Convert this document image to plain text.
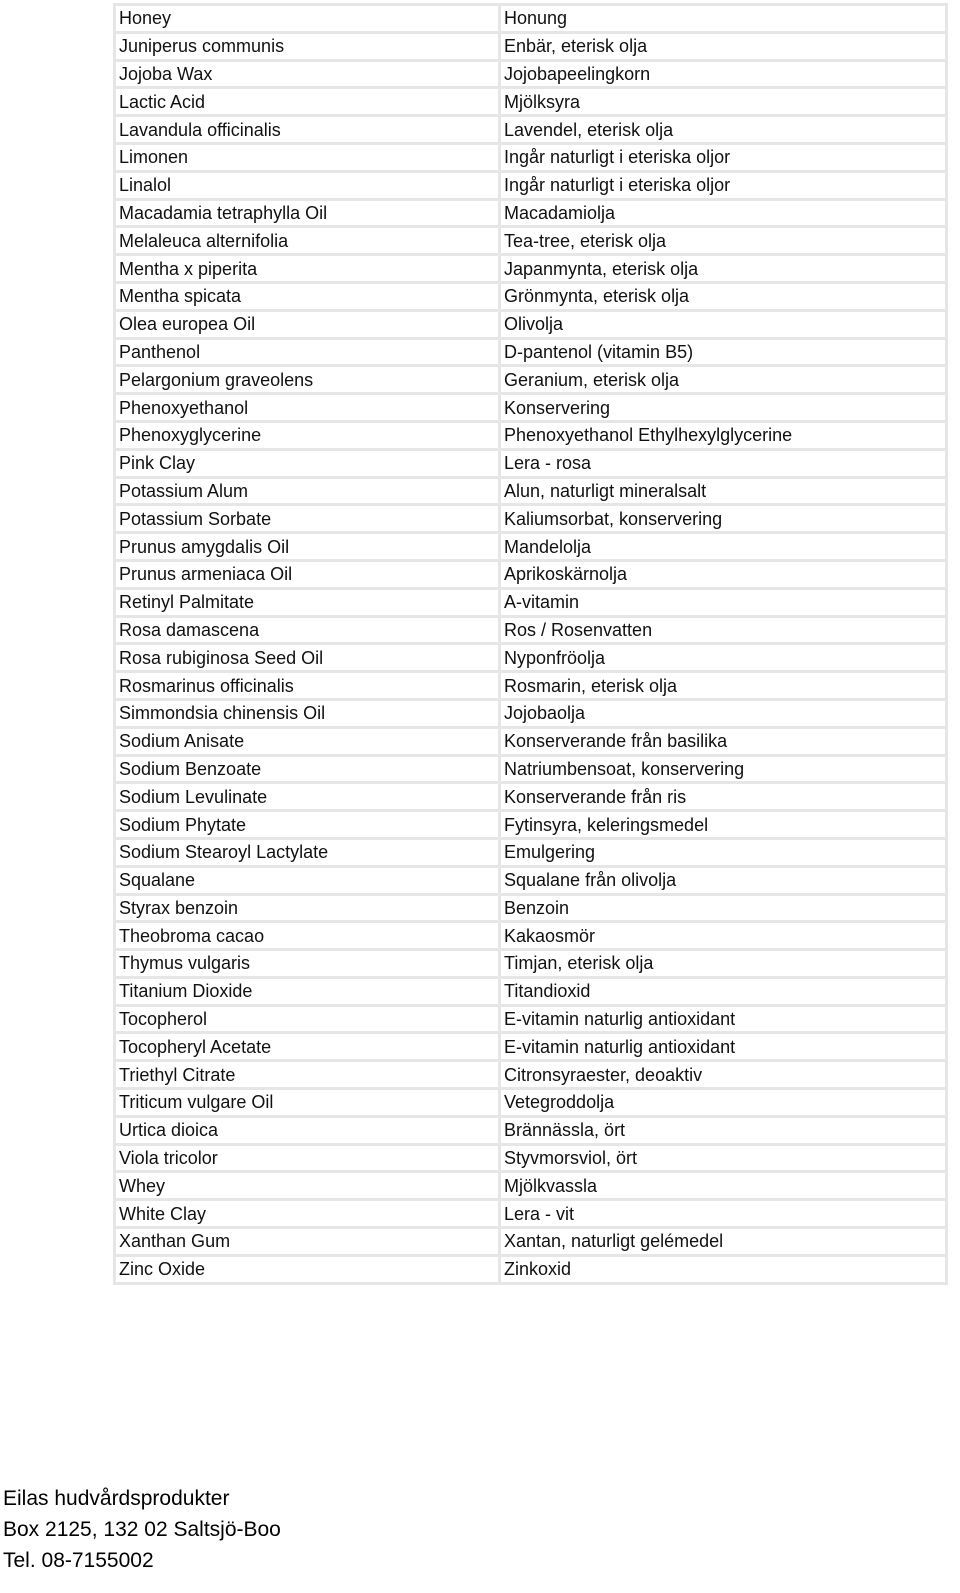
Honey	Honung
Juniperus communis	Enbär, eterisk olja
Jojoba Wax	Jojobapeelingkorn
Lactic Acid	Mjölksyra
Lavandula officinalis	Lavendel, eterisk olja
Limonen	Ingår naturligt i eteriska oljor
Linalol	Ingår naturligt i eteriska oljor
Macadamia tetraphylla Oil	Macadamiolja
Melaleuca alternifolia	Tea-tree, eterisk olja
Mentha x piperita	Japanmynta, eterisk olja
Mentha spicata	Grönmynta, eterisk olja
Olea europea Oil	Olivolja
Panthenol	D-pantenol (vitamin B5)
Pelargonium graveolens	Geranium, eterisk olja
Phenoxyethanol	Konservering
Phenoxyglycerine	Phenoxyethanol Ethylhexylglycerine
Pink Clay	Lera - rosa
Potassium Alum	Alun, naturligt mineralsalt
Potassium Sorbate	Kaliumsorbat, konservering
Prunus amygdalis Oil	Mandelolja
Prunus armeniaca Oil	Aprikoskärnolja
Retinyl Palmitate	A-vitamin
Rosa damascena	Ros / Rosenvatten
Rosa rubiginosa Seed Oil	Nyponfröolja
Rosmarinus officinalis	Rosmarin, eterisk olja
Simmondsia chinensis Oil	Jojobaolja
Sodium Anisate	Konserverande från basilika
Sodium Benzoate	Natriumbensoat, konservering
Sodium Levulinate	Konserverande från ris
Sodium Phytate	Fytinsyra, keleringsmedel
Sodium Stearoyl Lactylate	Emulgering
Squalane	Squalane från olivolja
Styrax benzoin	Benzoin
Theobroma cacao	Kakaosmör
Thymus vulgaris	Timjan, eterisk olja
Titanium Dioxide	Titandioxid
Tocopherol	E-vitamin naturlig antioxidant
Tocopheryl Acetate	E-vitamin naturlig antioxidant
Triethyl Citrate	Citronsyraester, deoaktiv
Triticum vulgare Oil	Vetegroddolja
Urtica dioica	Brännässla, ört
Viola tricolor	Styvmorsviol, ört
Whey	Mjölkvassla
White Clay	Lera - vit
Xanthan Gum	Xantan, naturligt gelémedel
Zinc Oxide	Zinkoxid
Eilas hudvårdsprodukter
Box 2125, 132 02 Saltsjö-Boo
Tel. 08-7155002
